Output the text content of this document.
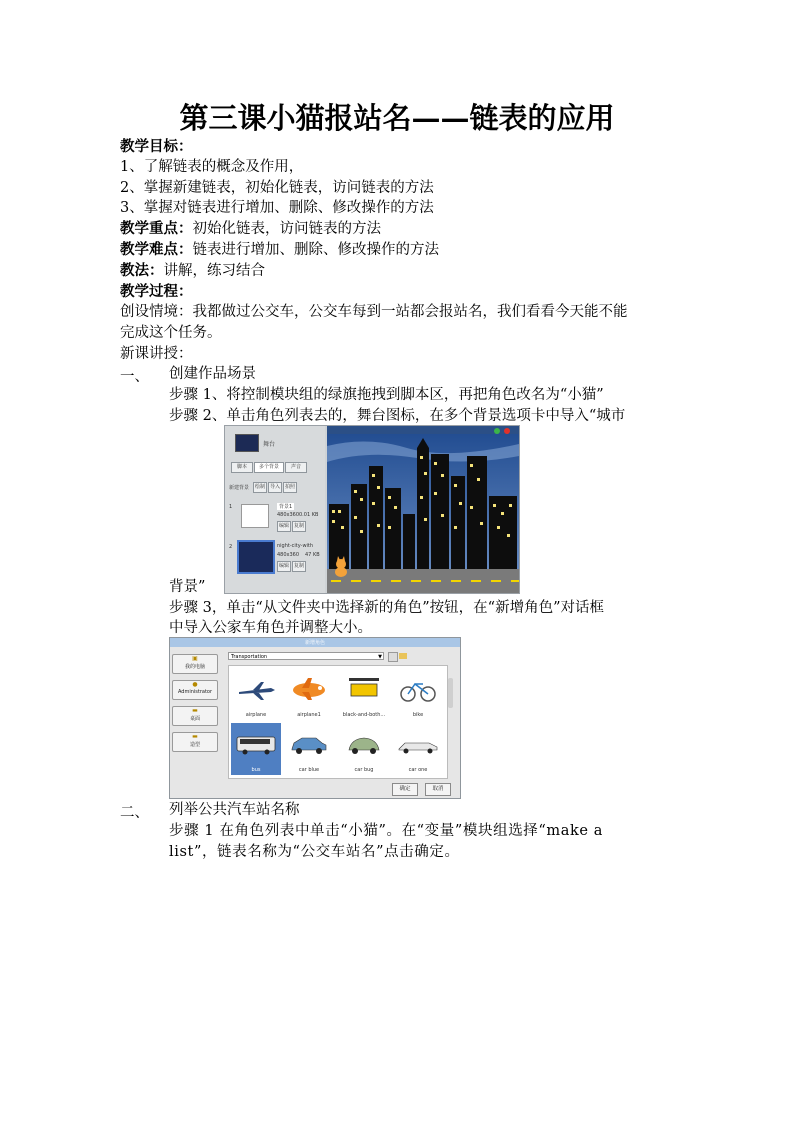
第三课小猫报站名——链表的应用
教学目标：
1、了解链表的概念及作用，
2、掌握新建链表，初始化链表，访问链表的方法
3、掌握对链表进行增加、删除、修改操作的方法
教学重点：初始化链表，访问链表的方法
教学难点：链表进行增加、删除、修改操作的方法
教法：讲解，练习结合
教学过程：
创设情境：我都做过公交车，公交车每到一站都会报站名，我们看看今天能不能
完成这个任务。
新课讲授：
一、 创建作品场景
步骤 1、将控制模块组的绿旗拖拽到脚本区，再把角色改名为“小猫”
步骤 2、单击角色列表去的，舞台图标，在多个背景选项卡中导入“城市
舞台
脚本	多个背景	声音
新建背景	绘制 导入 拍照
1	背景1
480x360 0.01 KB
编辑 复制
2	night-city-with
480x360 47 KB
编辑 复制
背景”
步骤 3，单击“从文件夹中选择新的角色”按钮，在“新增角色”对话框
中导入公家车角色并调整大小。
新增角色
▣
我的电脑
●
Administrator
▬
桌面
▬
造型
Transportation	▼
airplane	airplane1	black-and-both...	bike
bus	car blue	car bug	car one
确定	取消
二、 列举公共汽车站名称
步骤 1 在角色列表中单击“小猫”。在“变量”模块组选择“make a
list”，链表名称为“公交车站名”点击确定。
